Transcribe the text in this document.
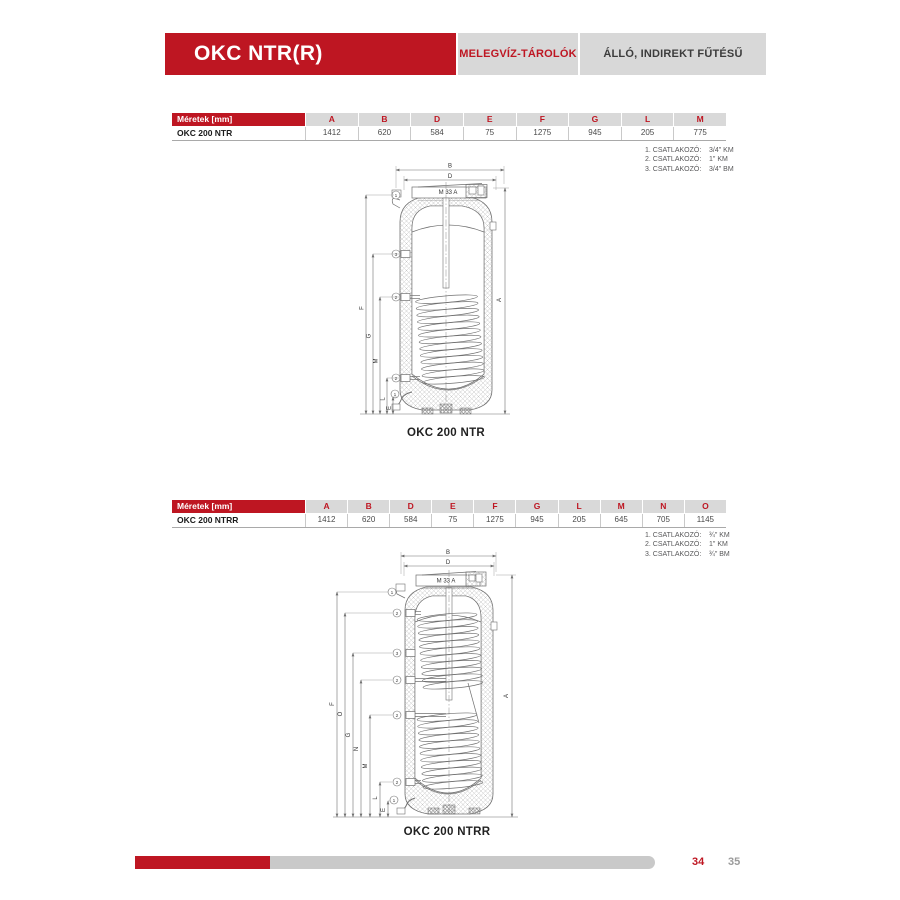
OKC NTR(R)	MELEGVÍZ-TÁROLÓK	ÁLLÓ, INDIREKT FŰTÉSŰ
Méretek [mm]	A	B	D	E	F	G	L	M
OKC 200 NTR	1412	620	584	75	1275	945	205	775
1. CSATLAKOZÓ:	3/4" KM
2. CSATLAKOZÓ:	1" KM
3. CSATLAKOZÓ:	3/4" BM
M 33 A
1
3
2
2
1
B
D
F
G
M
L
E
A
OKC 200 NTR
Méretek [mm]	A	B	D	E	F	G	L	M	N	O
OKC 200 NTRR	1412	620	584	75	1275	945	205	645	705	1145
1. CSATLAKOZÓ:	¾" KM
2. CSATLAKOZÓ:	1" KM
3. CSATLAKOZÓ:	¾" BM
M 33 A
1
2
3
2
2
2
1
B
D
F
O
G
N
M
L
E
A
OKC 200 NTRR
34 35
